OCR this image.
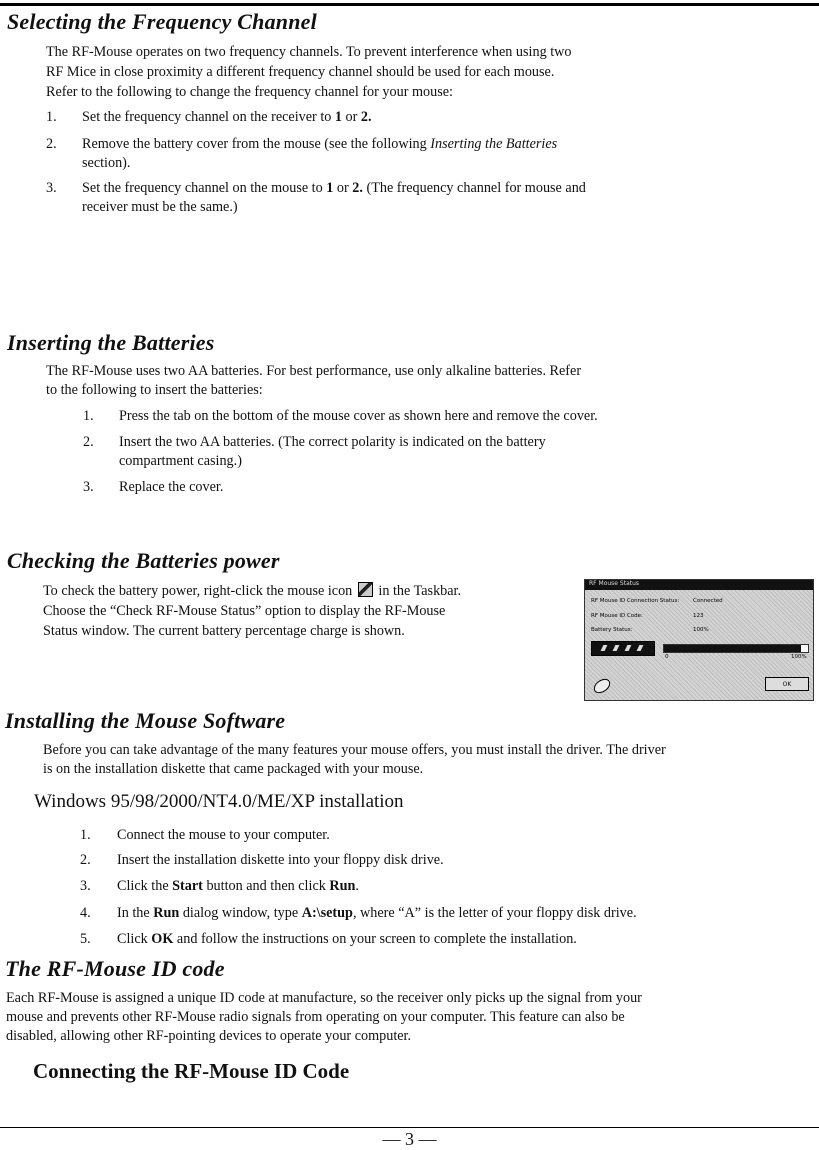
Selecting the Frequency Channel
The RF-Mouse operates on two frequency channels. To prevent interference when using two
RF Mice in close proximity a different frequency channel should be used for each mouse.
Refer to the following to change the frequency channel for your mouse:
1. Set the frequency channel on the receiver to 1 or 2.
2. Remove the battery cover from the mouse (see the following Inserting the Batteries
section).
3. Set the frequency channel on the mouse to 1 or 2. (The frequency channel for mouse and
receiver must be the same.)
Inserting the Batteries
The RF-Mouse uses two AA batteries. For best performance, use only alkaline batteries. Refer
to the following to insert the batteries:
1. Press the tab on the bottom of the mouse cover as shown here and remove the cover.
2. Insert the two AA batteries. (The correct polarity is indicated on the battery
compartment casing.)
3. Replace the cover.
Checking the Batteries power
To check the battery power, right-click the mouse icon in the Taskbar.
Choose the “Check RF-Mouse Status” option to display the RF-Mouse
Status window. The current battery percentage charge is shown.
RF Mouse Status
RF Mouse ID Connection Status:	Connected
RF Mouse ID Code:	123
Battery Status:	100%
0	100%
OK
Installing the Mouse Software
Before you can take advantage of the many features your mouse offers, you must install the driver. The driver
is on the installation diskette that came packaged with your mouse.
Windows 95/98/2000/NT4.0/ME/XP installation
1. Connect the mouse to your computer.
2. Insert the installation diskette into your floppy disk drive.
3. Click the Start button and then click Run.
4. In the Run dialog window, type A:\setup, where “A” is the letter of your floppy disk drive.
5. Click OK and follow the instructions on your screen to complete the installation.
The RF-Mouse ID code
Each RF-Mouse is assigned a unique ID code at manufacture, so the receiver only picks up the signal from your
mouse and prevents other RF-Mouse radio signals from operating on your computer. This feature can also be
disabled, allowing other RF-pointing devices to operate your computer.
Connecting the RF-Mouse ID Code
— 3 —
